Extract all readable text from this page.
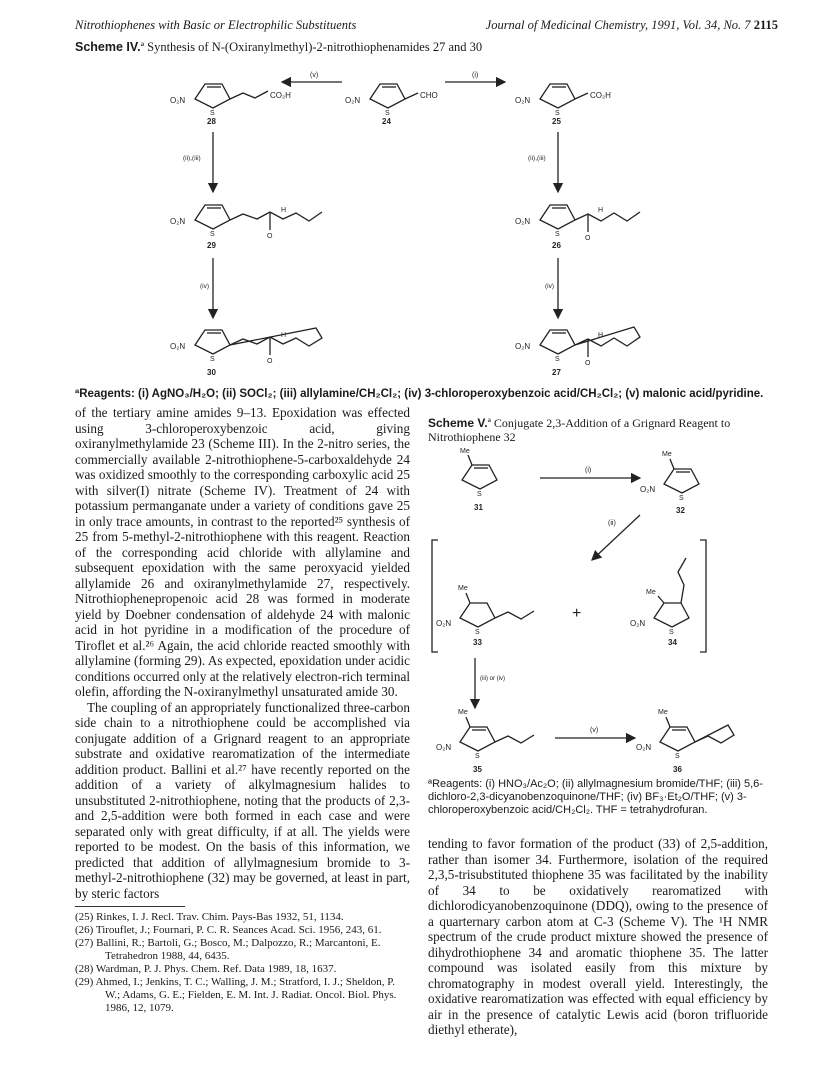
Nitrothiophenes with Basic or Electrophilic Substituents	Journal of Medicinal Chemistry, 1991, Vol. 34, No. 7 2115
Scheme IV.ª Synthesis of N-(Oxiranylmethyl)-2-nitrothiophenamides 27 and 30
O₂N
S
CO₂H
28
(v)
O₂N
S
CHO
24
(i)
O₂N
S
CO₂H
25
(ii),(iii)	(ii),(iii)
O₂N
S	O
H
29
O₂N
S
O
H
26
(iv)	(iv)
O₂N
S	O
H
30
O₂N
S
O
H
27
Me
S
31
(i)
Me
O₂N
S
32
(ii)
Me
O₂N
S
33
+
Me
O₂N
S
34
(iii) or (iv)
Me
O₂N
S
35
(v)
Me
O₂N
S
36
ªReagents: (i) AgNO₃/H₂O; (ii) SOCl₂; (iii) allylamine/CH₂Cl₂; (iv) 3-chloroperoxybenzoic acid/CH₂Cl₂; (v) malonic acid/pyridine.

of the tertiary amine amides 9–13. Epoxidation was effected using 3-chloroperoxybenzoic acid, giving oxiranylmethylamide 23 (Scheme III). In the 2-nitro series, the commercially available 2-nitrothiophene-5-carboxaldehyde 24 was oxidized smoothly to the corresponding carboxylic acid 25 with silver(I) nitrate (Scheme IV). Treatment of 24 with potassium permanganate under a variety of conditions gave 25 in only trace amounts, in contrast to the reported²⁵ synthesis of 25 from 5-methyl-2-nitrothiophene with this reagent. Reaction of the corresponding acid chloride with allylamine and subsequent epoxidation with the same peroxyacid yielded allylamide 26 and oxiranylmethylamide 27, respectively. Nitrothiophenepropenoic acid 28 was formed in moderate yield by Doebner condensation of aldehyde 24 with malonic acid in hot pyridine in a modification of the procedure of Tiroflet et al.²⁶ Again, the acid chloride reacted smoothly with allylamine (forming 29). As expected, epoxidation under acidic conditions occurred only at the relatively electron-rich terminal olefin, affording the N-oxiranylmethyl unsaturated amide 30.

The coupling of an appropriately functionalized three-carbon side chain to a nitrothiophene could be accomplished via conjugate addition of a Grignard reagent to an appropriate substrate and oxidative rearomatization of the intermediate addition product. Ballini et al.²⁷ have recently reported on the addition of a variety of alkylmagnesium halides to unsubstituted 2-nitrothiophene, noting that the products of 2,3- and 2,5-addition were both formed in each case and were separated only with great difficulty, if at all. The yields were reported to be modest. On the basis of this information, we predicted that addition of allylmagnesium bromide to 3-methyl-2-nitrothiophene (32) may be governed, at least in part, by steric factors

(25) Rinkes, I. J. Recl. Trav. Chim. Pays-Bas 1932, 51, 1134.
(26) Tirouflet, J.; Fournari, P. C. R. Seances Acad. Sci. 1956, 243, 61.
(27) Ballini, R.; Bartoli, G.; Bosco, M.; Dalpozzo, R.; Marcantoni, E. Tetrahedron 1988, 44, 6435.
(28) Wardman, P. J. Phys. Chem. Ref. Data 1989, 18, 1637.
(29) Ahmed, I.; Jenkins, T. C.; Walling, J. M.; Stratford, I. J.; Sheldon, P. W.; Adams, G. E.; Fielden, E. M. Int. J. Radiat. Oncol. Biol. Phys. 1986, 12, 1079.
Scheme V.ª Conjugate 2,3-Addition of a Grignard Reagent to Nitrothiophene 32
ªReagents: (i) HNO₃/Ac₂O; (ii) allylmagnesium bromide/THF; (iii) 5,6-dichloro-2,3-dicyanobenzoquinone/THF; (iv) BF₃·Et₂O/THF; (v) 3-chloroperoxybenzoic acid/CH₂Cl₂. THF = tetrahydrofuran.

tending to favor formation of the product (33) of 2,5-addition, rather than isomer 34. Furthermore, isolation of the required 2,3,5-trisubstituted thiophene 35 was facilitated by the inability of 34 to be oxidatively rearomatized with dichlorodicyanobenzoquinone (DDQ), owing to the presence of a quarternary carbon atom at C-3 (Scheme V). The ¹H NMR spectrum of the crude product mixture showed the presence of dihydrothiophene 34 and aromatic thiophene 35. The latter compound was isolated easily from this mixture by chromatography in modest overall yield. Interestingly, the oxidative rearomatization was effected with equal efficiency by air in the presence of catalytic Lewis acid (boron trifluoride diethyl etherate),
